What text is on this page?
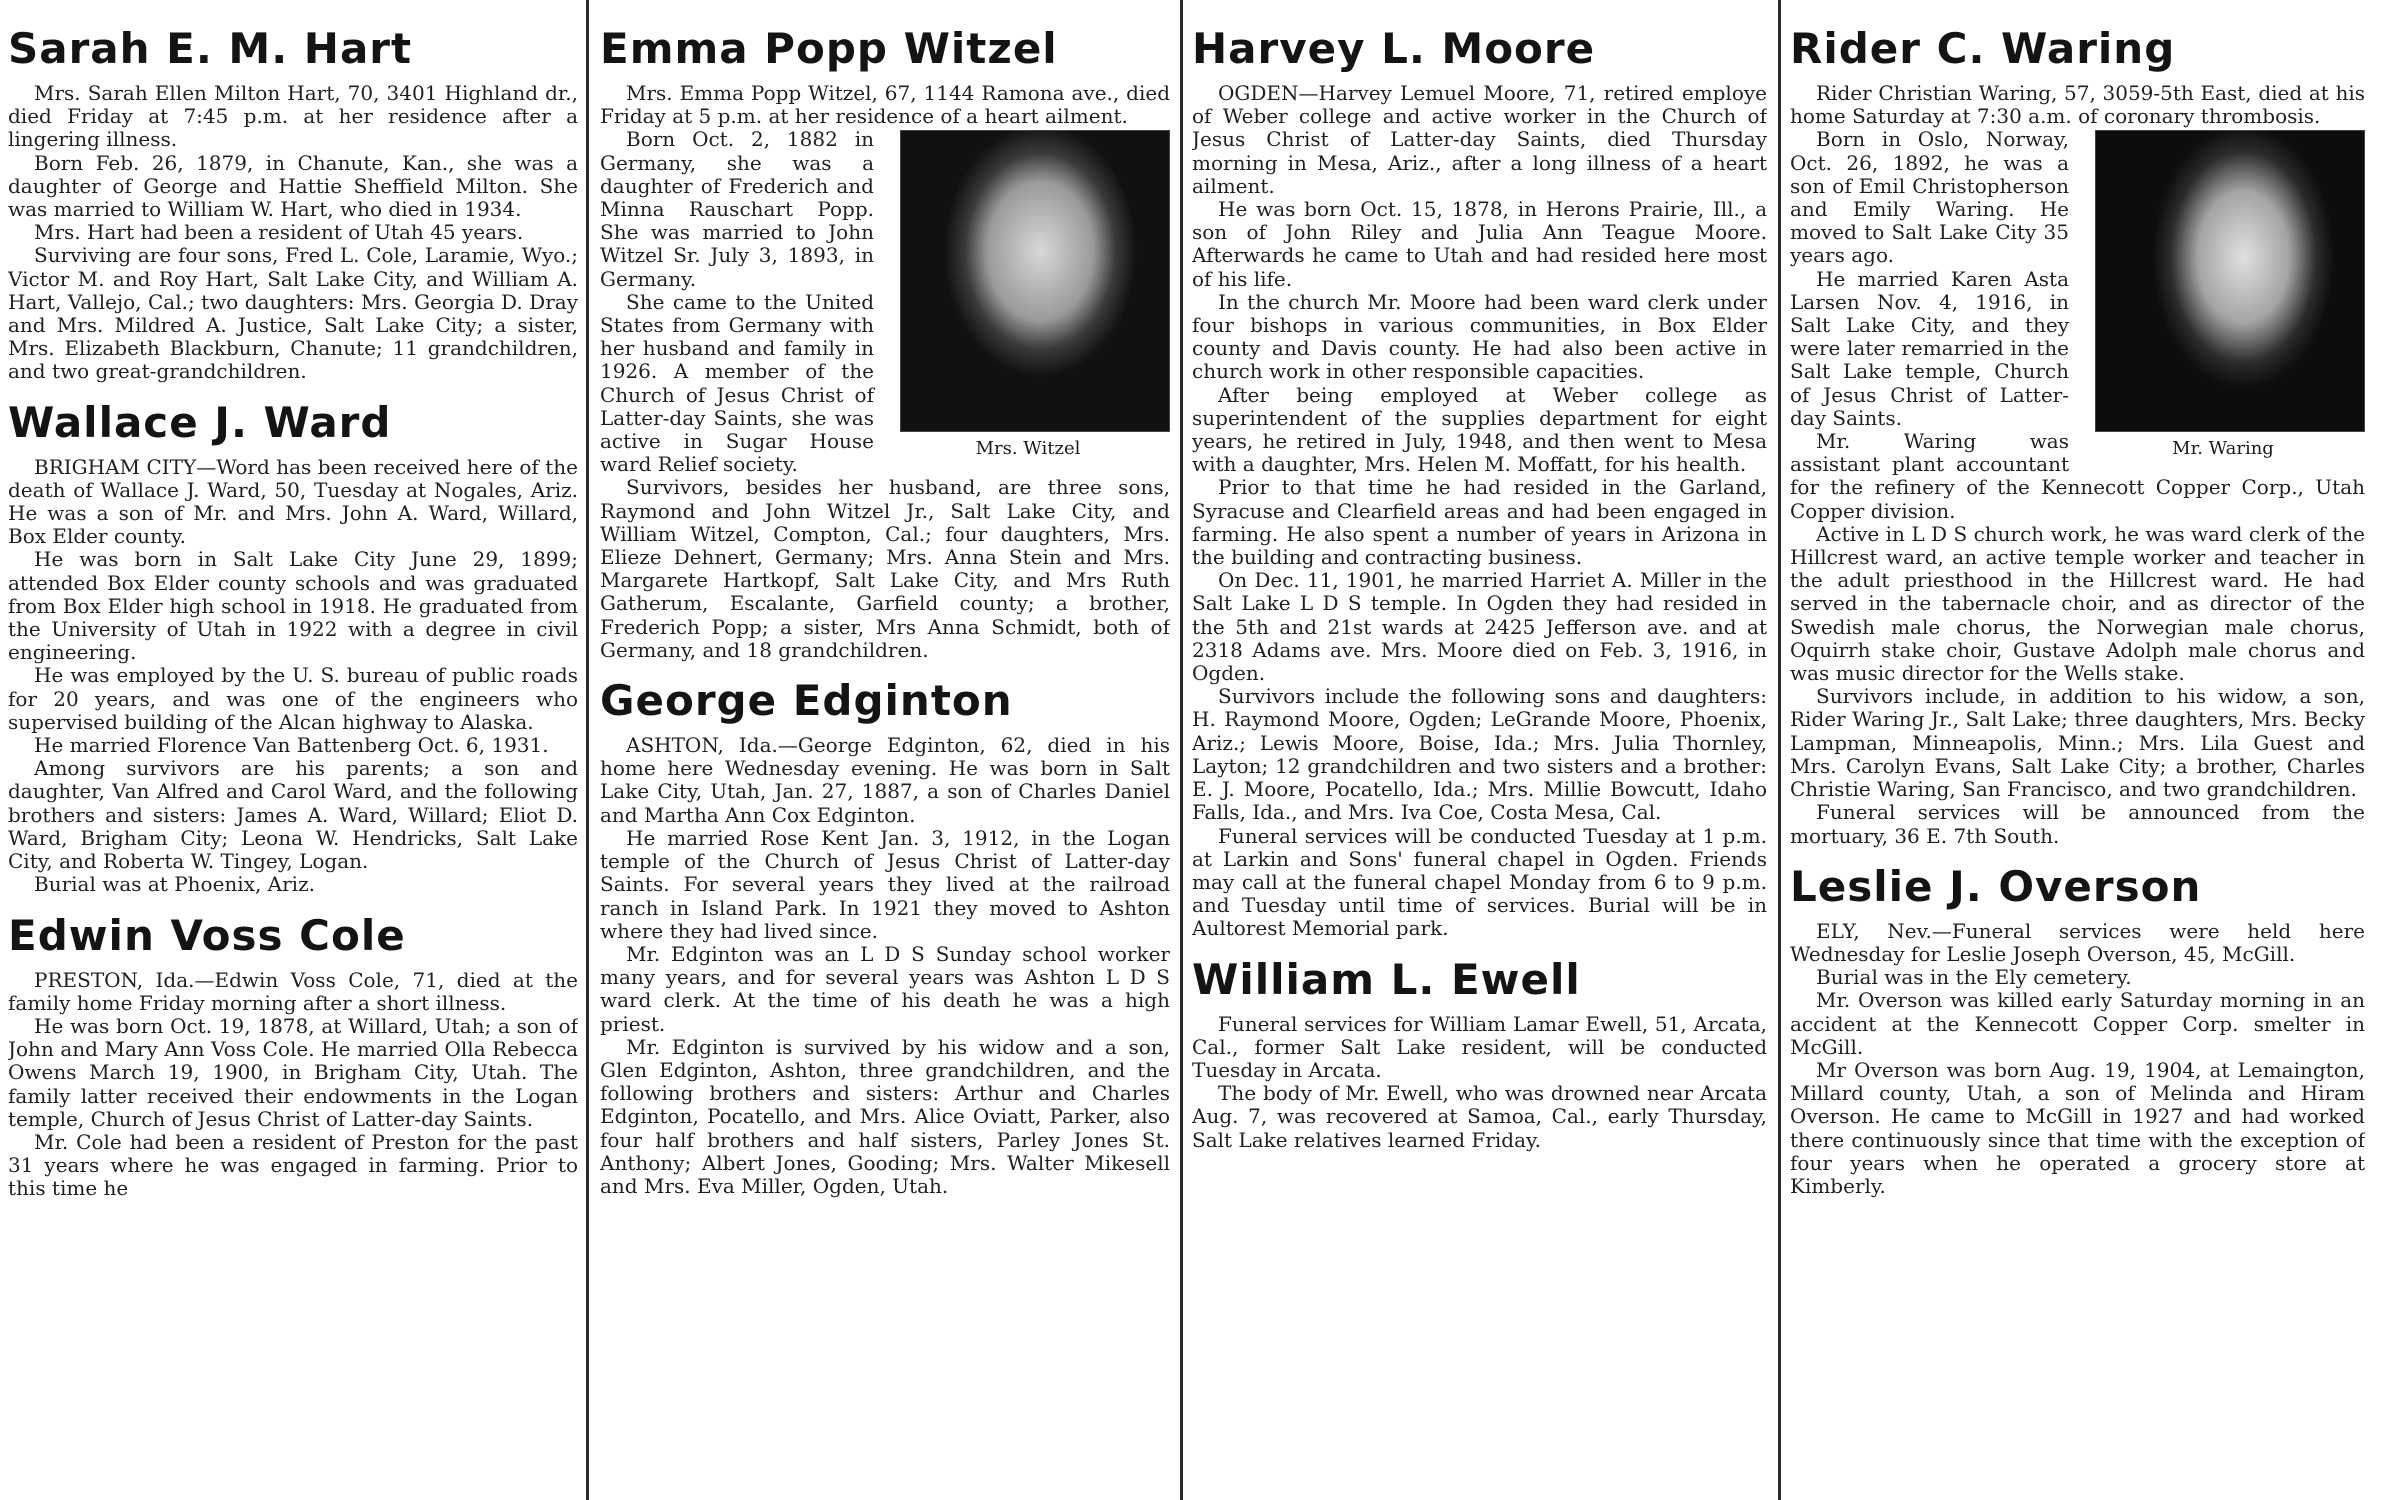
Sarah E. M. Hart

Mrs. Sarah Ellen Milton Hart, 70, 3401 Highland dr., died Friday at 7:45 p.m. at her residence after a lingering illness.

Born Feb. 26, 1879, in Chanute, Kan., she was a daughter of George and Hattie Sheffield Milton. She was married to William W. Hart, who died in 1934.

Mrs. Hart had been a resident of Utah 45 years.

Surviving are four sons, Fred L. Cole, Laramie, Wyo.; Victor M. and Roy Hart, Salt Lake City, and William A. Hart, Vallejo, Cal.; two daughters: Mrs. Georgia D. Dray and Mrs. Mildred A. Justice, Salt Lake City; a sister, Mrs. Elizabeth Blackburn, Chanute; 11 grandchildren, and two great-grandchildren.

Wallace J. Ward

BRIGHAM CITY—Word has been received here of the death of Wallace J. Ward, 50, Tuesday at Nogales, Ariz. He was a son of Mr. and Mrs. John A. Ward, Willard, Box Elder county.

He was born in Salt Lake City June 29, 1899; attended Box Elder county schools and was graduated from Box Elder high school in 1918. He graduated from the University of Utah in 1922 with a degree in civil engineering.

He was employed by the U. S. bureau of public roads for 20 years, and was one of the engineers who supervised building of the Alcan highway to Alaska.

He married Florence Van Battenberg Oct. 6, 1931.

Among survivors are his parents; a son and daughter, Van Alfred and Carol Ward, and the following brothers and sisters: James A. Ward, Willard; Eliot D. Ward, Brigham City; Leona W. Hendricks, Salt Lake City, and Roberta W. Tingey, Logan.

Burial was at Phoenix, Ariz.

Edwin Voss Cole

PRESTON, Ida.—Edwin Voss Cole, 71, died at the family home Friday morning after a short illness.

He was born Oct. 19, 1878, at Willard, Utah; a son of John and Mary Ann Voss Cole. He married Olla Rebecca Owens March 19, 1900, in Brigham City, Utah. The family latter received their endowments in the Logan temple, Church of Jesus Christ of Latter-day Saints.

Mr. Cole had been a resident of Preston for the past 31 years where he was engaged in farming. Prior to this time he

Emma Popp Witzel

Mrs. Emma Popp Witzel, 67, 1144 Ramona ave., died Friday at 5 p.m. at her residence of a heart ailment.

Mrs. Witzel

Born Oct. 2, 1882 in Germany, she was a daughter of Frederich and Minna Rauschart Popp. She was married to John Witzel Sr. July 3, 1893, in Germany.

She came to the United States from Germany with her husband and family in 1926. A member of the Church of Jesus Christ of Latter-day Saints, she was active in Sugar House ward Relief society.

Survivors, besides her husband, are three sons, Raymond and John Witzel Jr., Salt Lake City, and William Witzel, Compton, Cal.; four daughters, Mrs. Elieze Dehnert, Germany; Mrs. Anna Stein and Mrs. Margarete Hartkopf, Salt Lake City, and Mrs Ruth Gatherum, Escalante, Garfield county; a brother, Frederich Popp; a sister, Mrs Anna Schmidt, both of Germany, and 18 grandchildren.

George Edginton

ASHTON, Ida.—George Edginton, 62, died in his home here Wednesday evening. He was born in Salt Lake City, Utah, Jan. 27, 1887, a son of Charles Daniel and Martha Ann Cox Edginton.

He married Rose Kent Jan. 3, 1912, in the Logan temple of the Church of Jesus Christ of Latter-day Saints. For several years they lived at the railroad ranch in Island Park. In 1921 they moved to Ashton where they had lived since.

Mr. Edginton was an L D S Sunday school worker many years, and for several years was Ashton L D S ward clerk. At the time of his death he was a high priest.

Mr. Edginton is survived by his widow and a son, Glen Edginton, Ashton, three grandchildren, and the following brothers and sisters: Arthur and Charles Edginton, Pocatello, and Mrs. Alice Oviatt, Parker, also four half brothers and half sisters, Parley Jones St. Anthony; Albert Jones, Gooding; Mrs. Walter Mikesell and Mrs. Eva Miller, Ogden, Utah.

Harvey L. Moore

OGDEN—Harvey Lemuel Moore, 71, retired employe of Weber college and active worker in the Church of Jesus Christ of Latter-day Saints, died Thursday morning in Mesa, Ariz., after a long illness of a heart ailment.

He was born Oct. 15, 1878, in Herons Prairie, Ill., a son of John Riley and Julia Ann Teague Moore. Afterwards he came to Utah and had resided here most of his life.

In the church Mr. Moore had been ward clerk under four bishops in various communities, in Box Elder county and Davis county. He had also been active in church work in other responsible capacities.

After being employed at Weber college as superintendent of the supplies department for eight years, he retired in July, 1948, and then went to Mesa with a daughter, Mrs. Helen M. Moffatt, for his health.

Prior to that time he had resided in the Garland, Syracuse and Clearfield areas and had been engaged in farming. He also spent a number of years in Arizona in the building and contracting business.

On Dec. 11, 1901, he married Harriet A. Miller in the Salt Lake L D S temple. In Ogden they had resided in the 5th and 21st wards at 2425 Jefferson ave. and at 2318 Adams ave. Mrs. Moore died on Feb. 3, 1916, in Ogden.

Survivors include the following sons and daughters: H. Raymond Moore, Ogden; LeGrande Moore, Phoenix, Ariz.; Lewis Moore, Boise, Ida.; Mrs. Julia Thornley, Layton; 12 grandchildren and two sisters and a brother: E. J. Moore, Pocatello, Ida.; Mrs. Millie Bowcutt, Idaho Falls, Ida., and Mrs. Iva Coe, Costa Mesa, Cal.

Funeral services will be conducted Tuesday at 1 p.m. at Larkin and Sons' funeral chapel in Ogden. Friends may call at the funeral chapel Monday from 6 to 9 p.m. and Tuesday until time of services. Burial will be in Aultorest Memorial park.

William L. Ewell

Funeral services for William Lamar Ewell, 51, Arcata, Cal., former Salt Lake resident, will be conducted Tuesday in Arcata.

The body of Mr. Ewell, who was drowned near Arcata Aug. 7, was recovered at Samoa, Cal., early Thursday, Salt Lake relatives learned Friday.

Rider C. Waring

Rider Christian Waring, 57, 3059-5th East, died at his home Saturday at 7:30 a.m. of coronary thrombosis.

Mr. Waring

Born in Oslo, Norway, Oct. 26, 1892, he was a son of Emil Christopherson and Emily Waring. He moved to Salt Lake City 35 years ago.

He married Karen Asta Larsen Nov. 4, 1916, in Salt Lake City, and they were later remarried in the Salt Lake temple, Church of Jesus Christ of Latter-day Saints.

Mr. Waring was assistant plant accountant for the refinery of the Kennecott Copper Corp., Utah Copper division.

Active in L D S church work, he was ward clerk of the Hillcrest ward, an active temple worker and teacher in the adult priesthood in the Hillcrest ward. He had served in the tabernacle choir, and as director of the Swedish male chorus, the Norwegian male chorus, Oquirrh stake choir, Gustave Adolph male chorus and was music director for the Wells stake.

Survivors include, in addition to his widow, a son, Rider Waring Jr., Salt Lake; three daughters, Mrs. Becky Lampman, Minneapolis, Minn.; Mrs. Lila Guest and Mrs. Carolyn Evans, Salt Lake City; a brother, Charles Christie Waring, San Francisco, and two grandchildren.

Funeral services will be announced from the mortuary, 36 E. 7th South.

Leslie J. Overson

ELY, Nev.—Funeral services were held here Wednesday for Leslie Joseph Overson, 45, McGill.

Burial was in the Ely cemetery.

Mr. Overson was killed early Saturday morning in an accident at the Kennecott Copper Corp. smelter in McGill.

Mr Overson was born Aug. 19, 1904, at Lemaington, Millard county, Utah, a son of Melinda and Hiram Overson. He came to McGill in 1927 and had worked there continuously since that time with the exception of four years when he operated a grocery store at Kimberly.
